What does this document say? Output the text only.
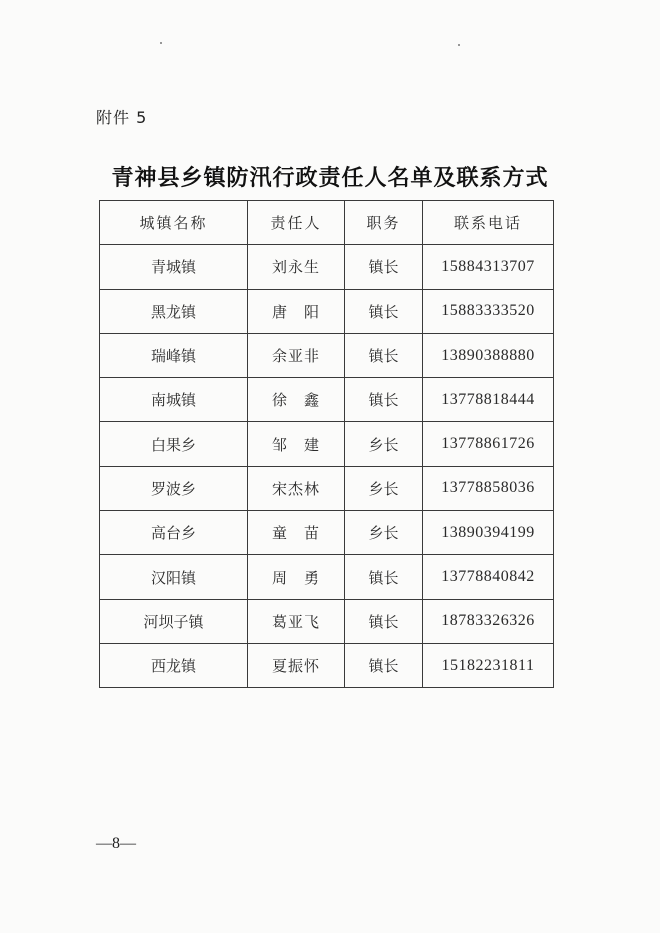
附件 5
青神县乡镇防汛行政责任人名单及联系方式
城镇名称	责任人	职务	联系电话
青城镇	刘永生	镇长	15884313707
黑龙镇	唐　阳	镇长	15883333520
瑞峰镇	余亚非	镇长	13890388880
南城镇	徐　鑫	镇长	13778818444
白果乡	邹　建	乡长	13778861726
罗波乡	宋杰林	乡长	13778858036
高台乡	童　苗	乡长	13890394199
汉阳镇	周　勇	镇长	13778840842
河坝子镇	葛亚飞	镇长	18783326326
西龙镇	夏振怀	镇长	15182231811
—8—
